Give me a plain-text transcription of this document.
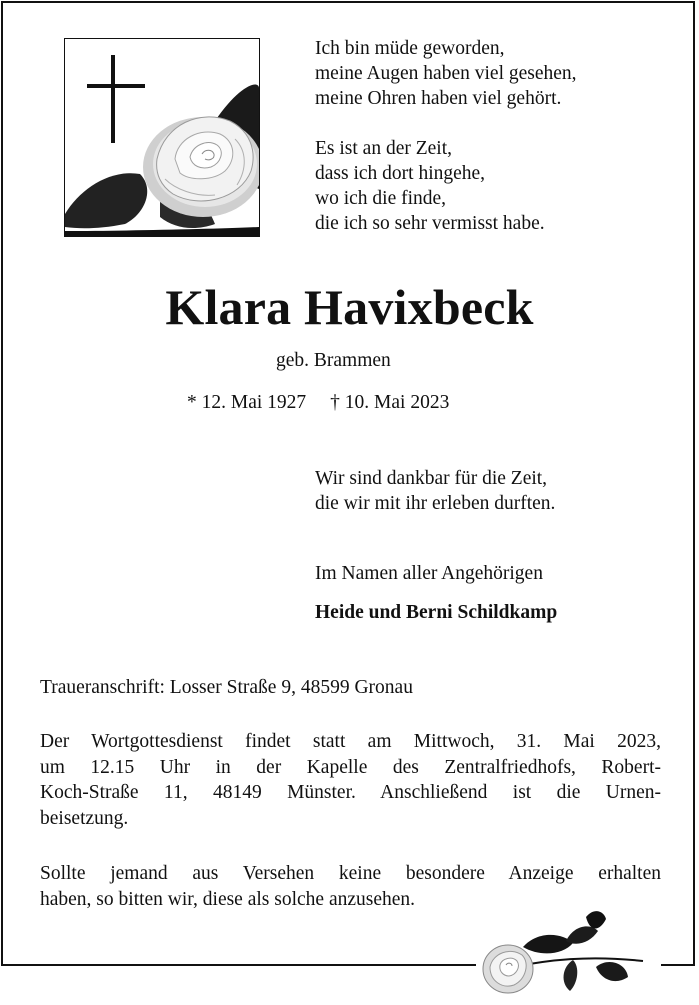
Ich bin müde geworden,
meine Augen haben viel gesehen,
meine Ohren haben viel gehört.
Es ist an der Zeit,
dass ich dort hingehe,
wo ich die finde,
die ich so sehr vermisst habe.
Klara Havixbeck
geb. Brammen
* 12. Mai 1927 † 10. Mai 2023
Wir sind dankbar für die Zeit,
die wir mit ihr erleben durften.
Im Namen aller Angehörigen
Heide und Berni Schildkamp
Traueranschrift: Losser Straße 9, 48599 Gronau
Der Wortgottesdienst findet statt am Mittwoch, 31. Mai 2023,
um 12.15 Uhr in der Kapelle des Zentralfriedhofs, Robert-
Koch-Straße 11, 48149 Münster. Anschließend ist die Urnen-
beisetzung.
Sollte jemand aus Versehen keine besondere Anzeige erhalten
haben, so bitten wir, diese als solche anzusehen.
